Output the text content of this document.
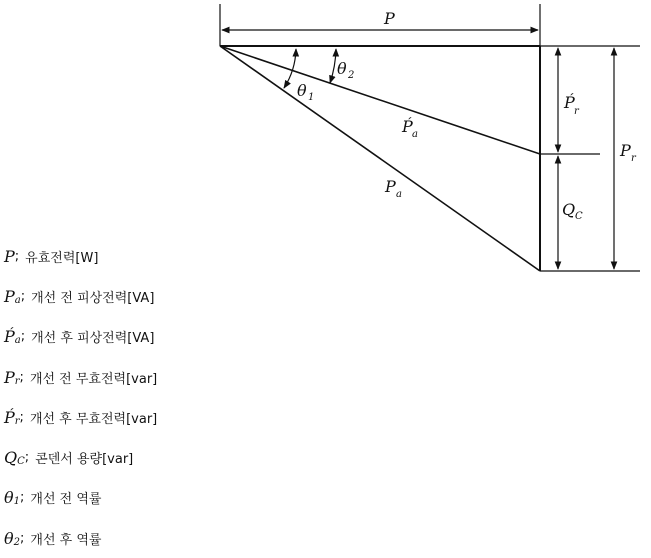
P
θ 2
θ 1
Ṕ a
P a
Ṕ r
Q C
P r
P ; 유효전력[W]
P a ; 개선 전 피상전력[VA]
Ṕ a ; 개선 후 피상전력[VA]
P r ; 개선 전 무효전력[var]
Ṕ r ; 개선 후 무효전력[var]
Q C ; 콘덴서 용량[var]
θ 1 ; 개선 전 역률
θ 2 ; 개선 후 역률
